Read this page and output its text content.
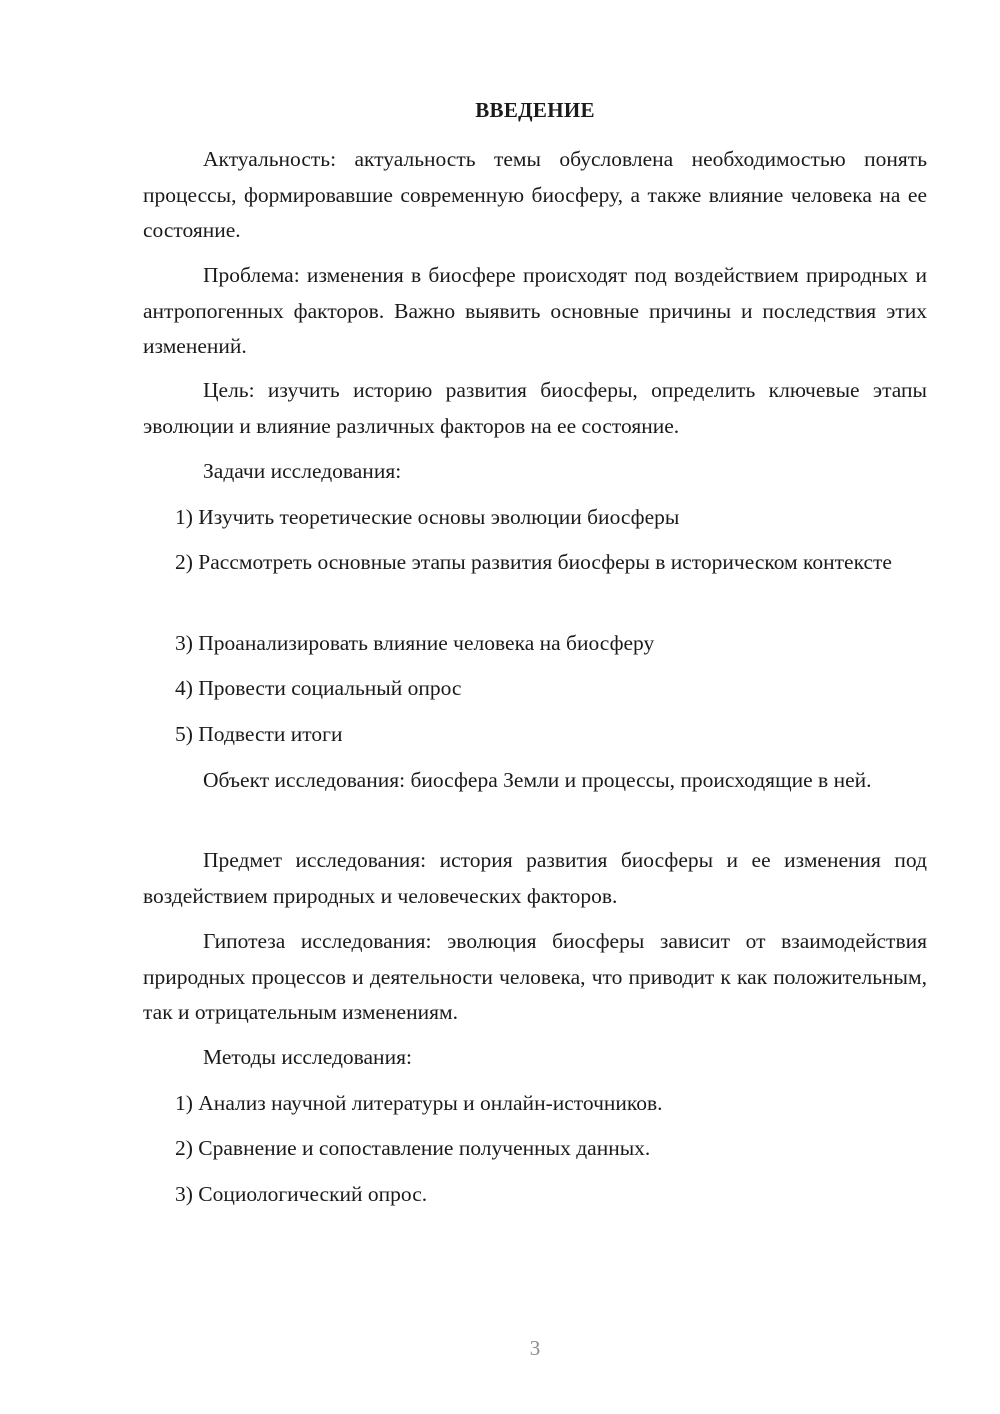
ВВЕДЕНИЕ

Актуальность: актуальность темы обусловлена необходимостью понять процессы, формировавшие современную биосферу, а также влияние человека на ее состояние.

Проблема: изменения в биосфере происходят под воздействием природных и антропогенных факторов. Важно выявить основные причины и последствия этих изменений.

Цель: изучить историю развития биосферы, определить ключевые этапы эволюции и влияние различных факторов на ее состояние.

Задачи исследования:

1) Изучить теоретические основы эволюции биосферы

2) Рассмотреть основные этапы развития биосферы в историческом контексте

3) Проанализировать влияние человека на биосферу

4) Провести социальный опрос

5) Подвести итоги

Объект исследования: биосфера Земли и процессы, происходящие в ней.

Предмет исследования: история развития биосферы и ее изменения под воздействием природных и человеческих факторов.

Гипотеза исследования: эволюция биосферы зависит от взаимодействия природных процессов и деятельности человека, что приводит к как положительным, так и отрицательным изменениям.

Методы исследования:

1) Анализ научной литературы и онлайн-источников.

2) Сравнение и сопоставление полученных данных.

3) Социологический опрос.

3
